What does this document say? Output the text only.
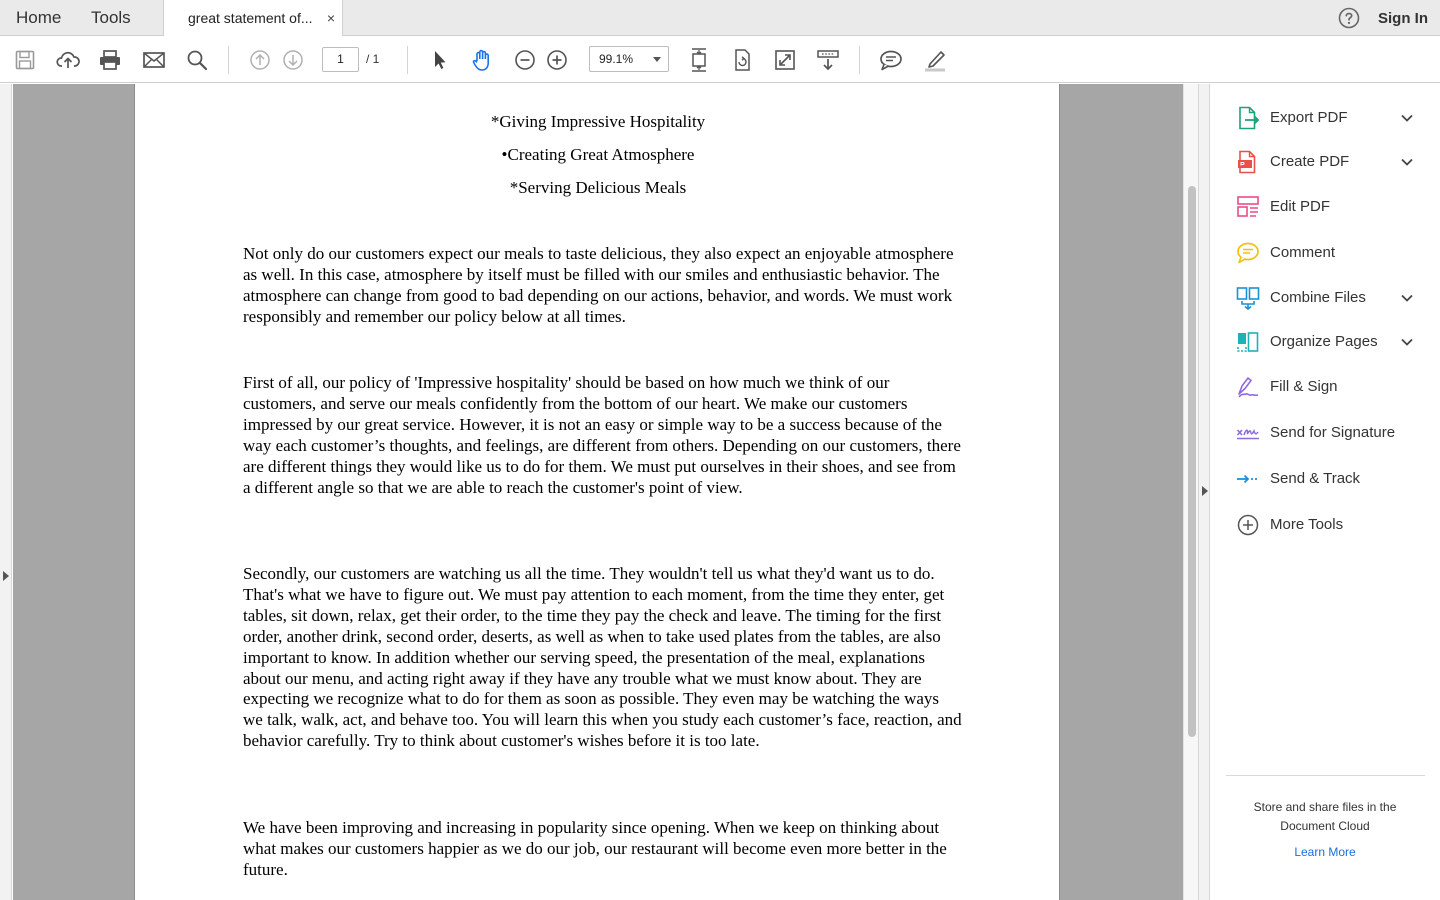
Home Tools	great statement of... ×	Sign In
1	/ 1	99.1%
*Giving Impressive Hospitality
•Creating Great Atmosphere
*Serving Delicious Meals
Not only do our customers expect our meals to taste delicious, they also expect an enjoyable atmosphere as well. In this case, atmosphere by itself must be filled with our smiles and enthusiastic behavior. The atmosphere can change from good to bad depending on our actions, behavior, and words. We must work responsibly and remember our policy below at all times.
First of all, our policy of 'Impressive hospitality' should be based on how much we think of our customers, and serve our meals confidently from the bottom of our heart. We make our customers impressed by our great service. However, it is not an easy or simple way to be a success because of the way each customer’s thoughts, and feelings, are different from others. Depending on our customers, there are different things they would like us to do for them. We must put ourselves in their shoes, and see from a different angle so that we are able to reach the customer's point of view.
Secondly, our customers are watching us all the time. They wouldn't tell us what they'd want us to do. That's what we have to figure out. We must pay attention to each moment, from the time they enter, get tables, sit down, relax, get their order, to the time they pay the check and leave. The timing for the first order, another drink, second order, deserts, as well as when to take used plates from the tables, are also important to know. In addition whether our serving speed, the presentation of the meal, explanations about our menu, and acting right away if they have any trouble what we must know about. They are expecting we recognize what to do for them as soon as possible. They even may be watching the ways we talk, walk, act, and behave too. You will learn this when you study each customer’s face, reaction, and behavior carefully. Try to think about customer's wishes before it is too late.
We have been improving and increasing in popularity since opening. When we keep on thinking about what makes our customers happier as we do our job, our restaurant will become even more better in the future.
Export PDF
Create PDF
Edit PDF
Comment
Combine Files
Organize Pages
Fill & Sign
Send for Signature
Send & Track
More Tools
Store and share files in the Document Cloud
Learn More
